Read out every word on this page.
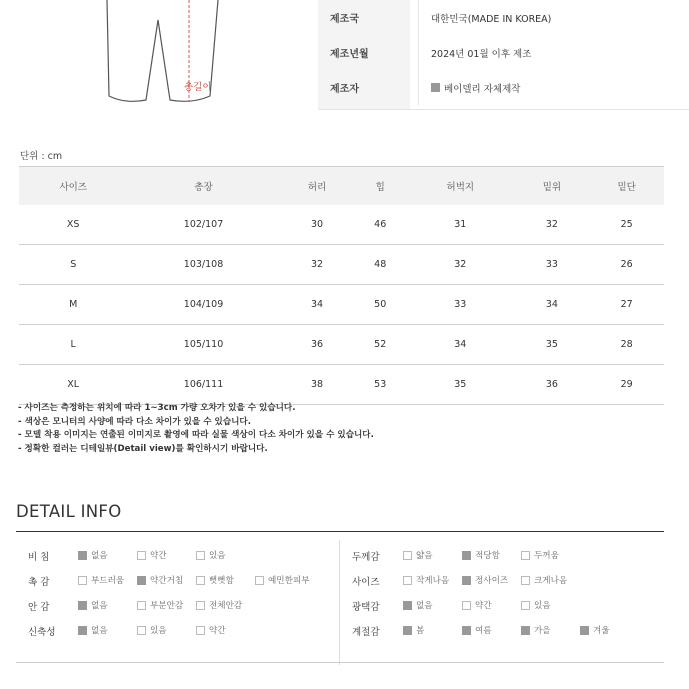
총길이
제조국	대한민국(MADE IN KOREA)
제조년월	2024년 01월 이후 제조
제조자	베이델리 자체제작
단위 : cm
사이즈	총장	허리	힙	허벅지	밑위	밑단
XS	102/107	30	46	31	32	25
S	103/108	32	48	32	33	26
M	104/109	34	50	33	34	27
L	105/110	36	52	34	35	28
XL	106/111	38	53	35	36	29
- 사이즈는 측정하는 위치에 따라 1~3cm 가량 오차가 있을 수 있습니다.
- 색상은 모니터의 사양에 따라 다소 차이가 있을 수 있습니다.
- 모델 착용 이미지는 연출된 이미지로 촬영에 따라 실물 색상이 다소 차이가 있을 수 있습니다.
- 정확한 컬러는 디테일뷰(Detail view)를 확인하시기 바랍니다.
DETAIL INFO
비 침	없음	약간	있음
촉 감	부드러움	약간거침	뻣뻣함	예민한피부
안 감	없음	부분안감	전체안감
신축성	없음	있음	약간
두께감	얇음	적당함	두꺼움
사이즈	작게나옴	정사이즈	크게나옴
광택감	없음	약간	있음
계절감	봄	여름	가을	겨울
